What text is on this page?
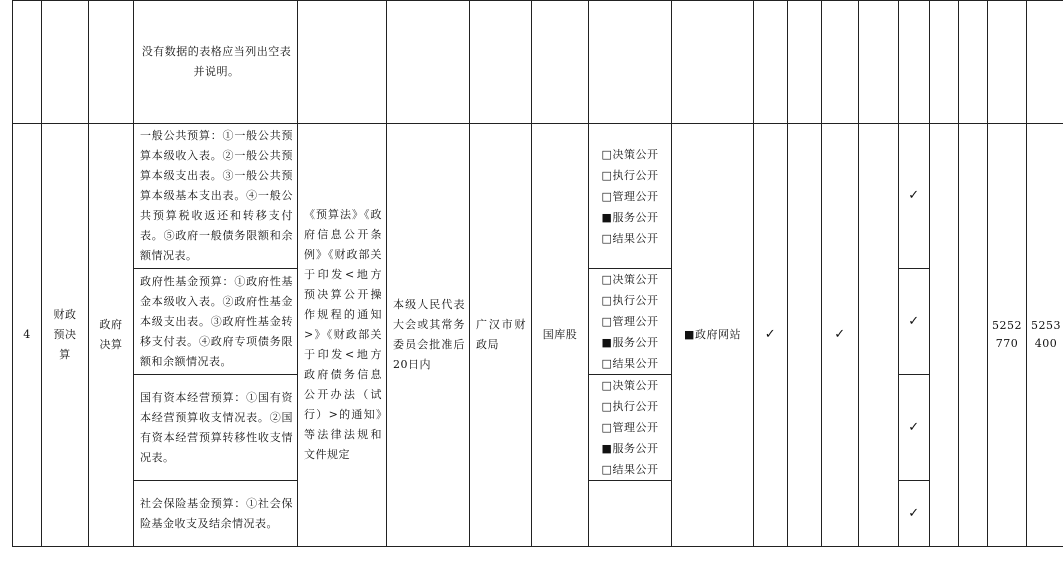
			没有数据的表格应当列出空表并说明。															
4	财政预决算	政府决算	一般公共预算：①一般公共预算本级收入表。②一般公共预算本级支出表。③一般公共预算本级基本支出表。④一般公共预算税收返还和转移支付表。⑤政府一般债务限额和余额情况表。	《预算法》《政府信息公开条例》《财政部关于印发<地方预决算公开操作规程的通知>》《财政部关于印发<地方政府债务信息公开办法（试行）>的通知》等法律法规和文件规定	本级人民代表大会或其常务委员会批准后20日内	广汉市财政局	国库股	□决策公开
□执行公开
□管理公开
■服务公开
□结果公开	■政府网站	✓		✓		✓			5252770	5253400
			政府性基金预算：①政府性基金本级收入表。②政府性基金本级支出表。③政府性基金转移支付表。④政府专项债务限额和余额情况表。					□决策公开
□执行公开
□管理公开
■服务公开
□结果公开						✓				
			国有资本经营预算：①国有资本经营预算收支情况表。②国有资本经营预算转移性收支情况表。					□决策公开
□执行公开
□管理公开
■服务公开
□结果公开						✓				
			社会保险基金预算：①社会保险基金收支及结余情况表。											✓				
